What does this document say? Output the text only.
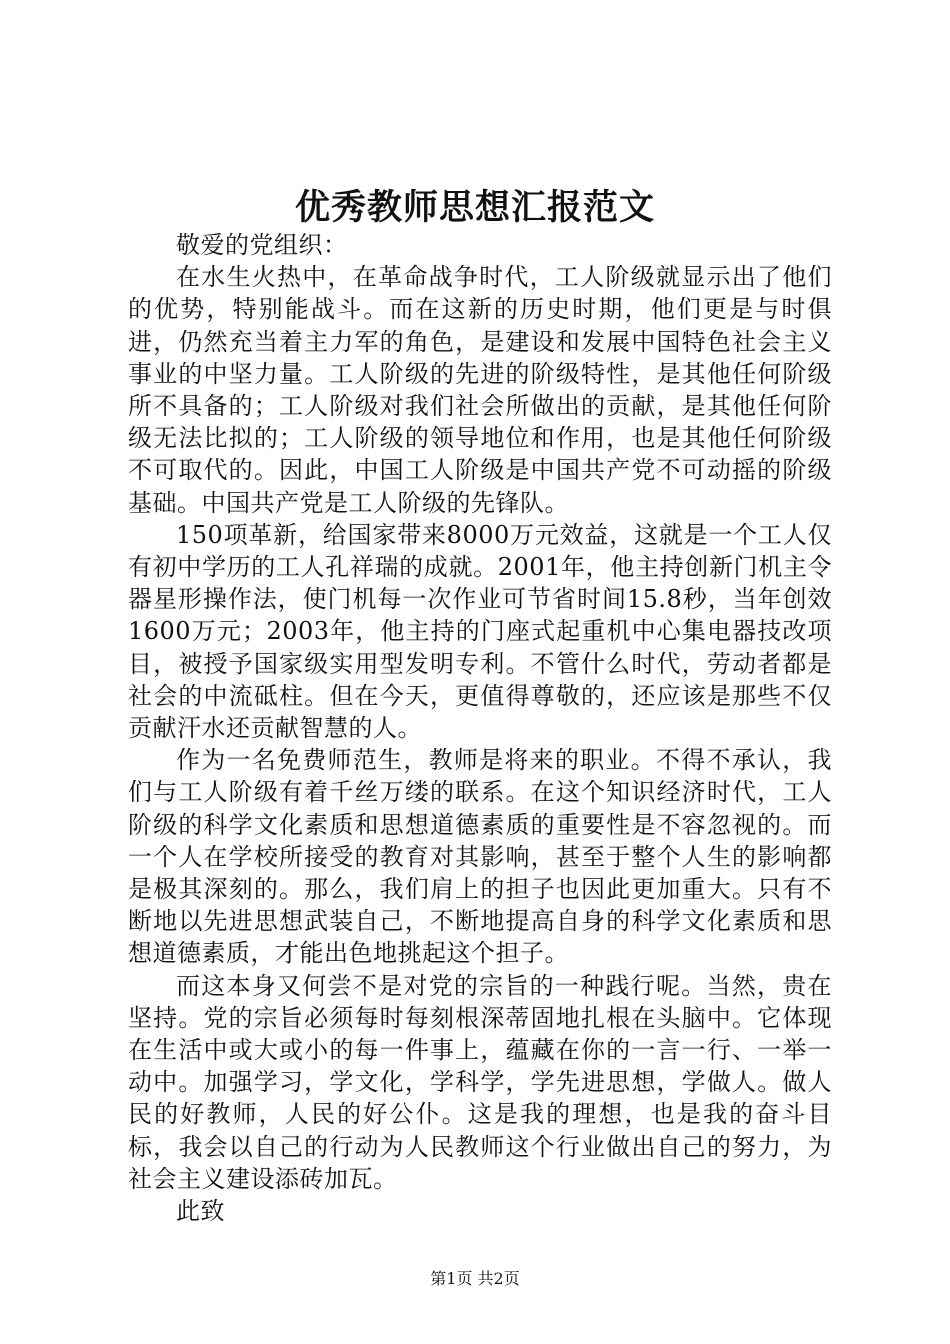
优秀教师思想汇报范文

敬爱的党组织：

在水生火热中，在革命战争时代，工人阶级就显示出了他们的优势，特别能战斗。而在这新的历史时期，他们更是与时俱进，仍然充当着主力军的角色，是建设和发展中国特色社会主义事业的中坚力量。工人阶级的先进的阶级特性，是其他任何阶级所不具备的；工人阶级对我们社会所做出的贡献，是其他任何阶级无法比拟的；工人阶级的领导地位和作用，也是其他任何阶级不可取代的。因此，中国工人阶级是中国共产党不可动摇的阶级基础。中国共产党是工人阶级的先锋队。

150项革新，给国家带来8000万元效益，这就是一个工人仅有初中学历的工人孔祥瑞的成就。2001年，他主持创新门机主令器星形操作法，使门机每一次作业可节省时间15.8秒，当年创效1600万元；2003年，他主持的门座式起重机中心集电器技改项目，被授予国家级实用型发明专利。不管什么时代，劳动者都是社会的中流砥柱。但在今天，更值得尊敬的，还应该是那些不仅贡献汗水还贡献智慧的人。

作为一名免费师范生，教师是将来的职业。不得不承认，我们与工人阶级有着千丝万缕的联系。在这个知识经济时代，工人阶级的科学文化素质和思想道德素质的重要性是不容忽视的。而一个人在学校所接受的教育对其影响，甚至于整个人生的影响都是极其深刻的。那么，我们肩上的担子也因此更加重大。只有不断地以先进思想武装自己，不断地提高自身的科学文化素质和思想道德素质，才能出色地挑起这个担子。

而这本身又何尝不是对党的宗旨的一种践行呢。当然，贵在坚持。党的宗旨必须每时每刻根深蒂固地扎根在头脑中。它体现在生活中或大或小的每一件事上，蕴藏在你的一言一行、一举一动中。加强学习，学文化，学科学，学先进思想，学做人。做人民的好教师，人民的好公仆。这是我的理想，也是我的奋斗目标，我会以自己的行动为人民教师这个行业做出自己的努力，为社会主义建设添砖加瓦。

此致

第1页 共2页
